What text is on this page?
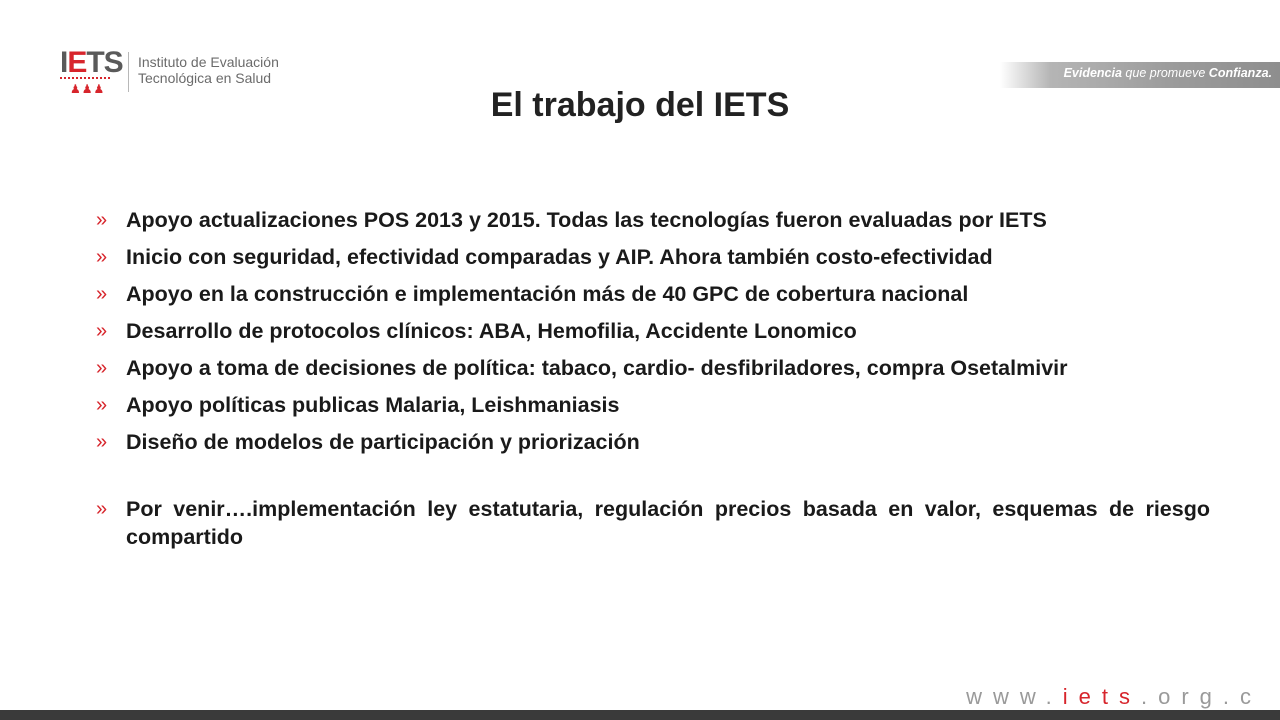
IETS
♟♟♟
Instituto de Evaluación
Tecnológica en Salud	Evidencia que promueve Confianza.
El trabajo del IETS
» Apoyo actualizaciones POS 2013 y 2015. Todas las tecnologías fueron evaluadas por IETS
» Inicio con seguridad, efectividad comparadas y AIP. Ahora también costo-efectividad
» Apoyo en la construcción e implementación más de 40 GPC de cobertura nacional
» Desarrollo de protocolos clínicos: ABA, Hemofilia, Accidente Lonomico
» Apoyo a toma de decisiones de política: tabaco, cardio- desfibriladores, compra Osetalmivir
» Apoyo políticas publicas Malaria, Leishmaniasis
» Diseño de modelos de participación y priorización
» Por venir….implementación ley estatutaria, regulación precios basada en valor, esquemas de riesgo compartido
www.iets.org.c
